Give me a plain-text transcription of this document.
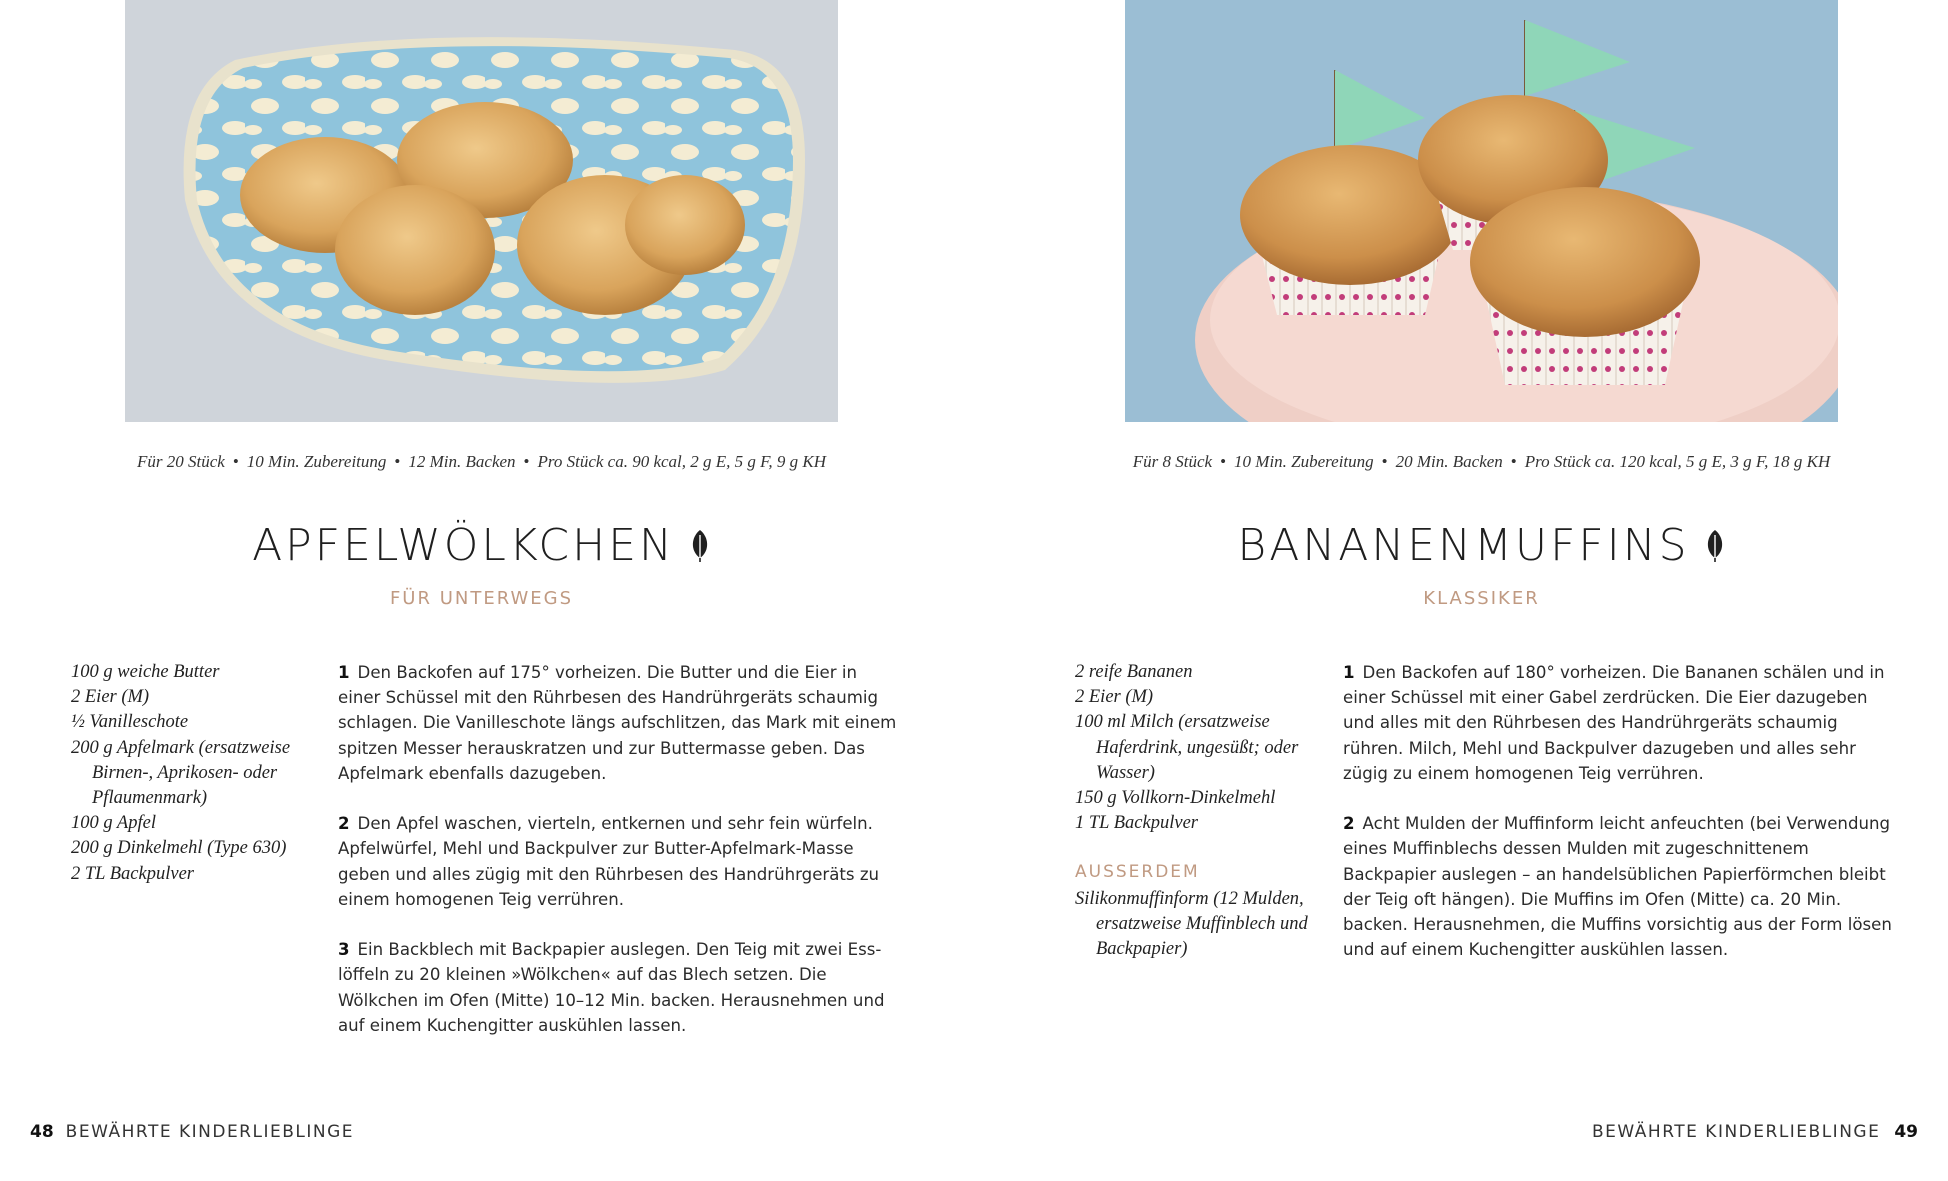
Für 20 Stück • 10 Min. Zubereitung • 12 Min. Backen • Pro Stück ca. 90 kcal, 2 g E, 5 g F, 9 g KH
APFELWÖLKCHEN
FÜR UNTERWEGS
100 g weiche Butter
2 Eier (M)
½ Vanilleschote
200 g Apfelmark (ersatzweise Birnen-, Aprikosen- oder Pflaumenmark)
100 g Apfel
200 g Dinkelmehl (Type 630)
2 TL Backpulver

1 Den Backofen auf 175° vorheizen. Die Butter und die Eier in einer Schüssel mit den Rührbesen des Handrührgeräts schaumig schlagen. Die Vanilleschote längs aufschlitzen, das Mark mit einem spitzen Messer herauskratzen und zur Buttermasse geben. Das Apfelmark ebenfalls dazugeben.

2 Den Apfel waschen, vierteln, entkernen und sehr fein würfeln. Apfelwürfel, Mehl und Backpulver zur Butter-Apfelmark-Masse geben und alles zügig mit den Rührbesen des Handrührgeräts zu einem homogenen Teig verrühren.

3 Ein Backblech mit Backpapier auslegen. Den Teig mit zwei Esslöffeln zu 20 kleinen »Wölkchen« auf das Blech setzen. Die Wölkchen im Ofen (Mitte) 10–12 Min. backen. Herausnehmen und auf einem Kuchengitter auskühlen lassen.

48 BEWÄHRTE KINDERLIEBLINGE
Für 8 Stück • 10 Min. Zubereitung • 20 Min. Backen • Pro Stück ca. 120 kcal, 5 g E, 3 g F, 18 g KH
BANANENMUFFINS
KLASSIKER
2 reife Bananen
2 Eier (M)
100 ml Milch (ersatzweise Haferdrink, ungesüßt; oder Wasser)
150 g Vollkorn-Dinkelmehl
1 TL Backpulver
AUSSERDEM
Silikonmuffinform (12 Mulden, ersatzweise Muffinblech und Backpapier)

1 Den Backofen auf 180° vorheizen. Die Bananen schälen und in einer Schüssel mit einer Gabel zerdrücken. Die Eier dazugeben und alles mit den Rührbesen des Handrührgeräts schaumig rühren. Milch, Mehl und Backpulver dazugeben und alles sehr zügig zu einem homogenen Teig verrühren.

2 Acht Mulden der Muffinform leicht anfeuchten (bei Verwendung eines Muffinblechs dessen Mulden mit zugeschnittenem Backpapier auslegen – an handelsüblichen Papierförmchen bleibt der Teig oft hängen). Die Muffins im Ofen (Mitte) ca. 20 Min. backen. Herausnehmen, die Muffins vorsichtig aus der Form lösen und auf einem Kuchengitter auskühlen lassen.

BEWÄHRTE KINDERLIEBLINGE 49
